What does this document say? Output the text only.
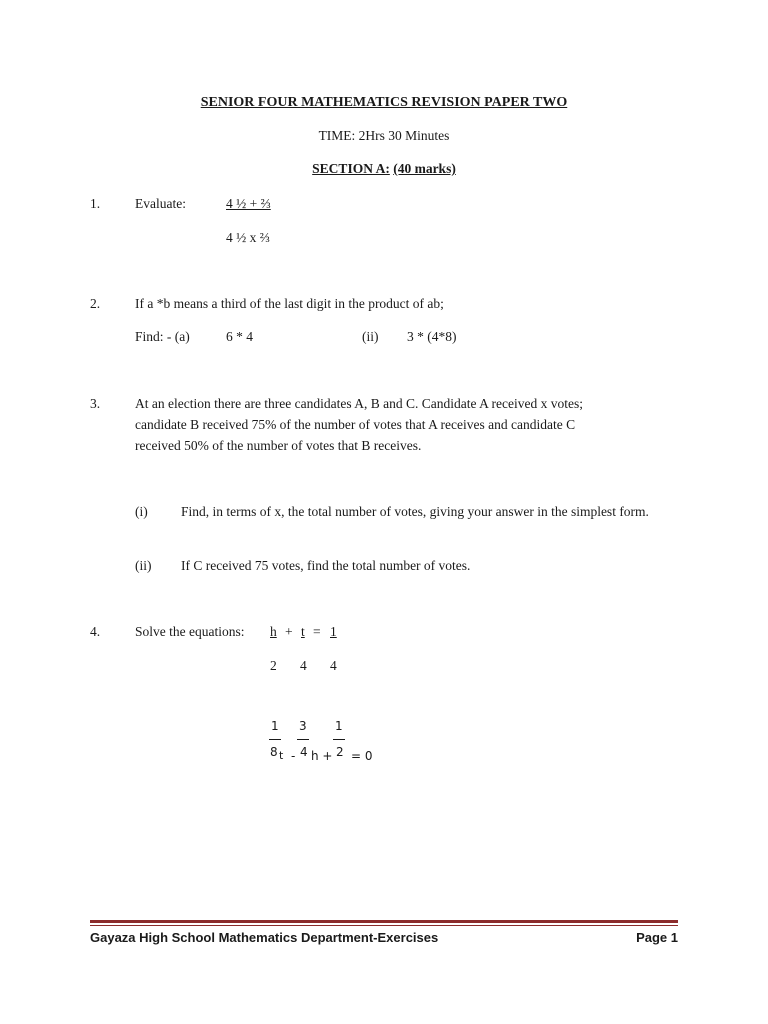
SENIOR FOUR MATHEMATICS REVISION PAPER TWO
TIME: 2Hrs 30 Minutes
SECTION A: (40 marks)
1.	Evaluate:	4 ½ + ⅔
4 ½ x ⅔
2.	If a *b means a third of the last digit in the product of ab;
Find: - (a)	6 * 4	(ii) 3 * (4*8)
3.	At an election there are three candidates A, B and C. Candidate A received x votes;
candidate B received 75% of the number of votes that A receives and candidate C
received 50% of the number of votes that B receives.
(i) Find, in terms of x, the total number of votes, giving your answer in the simplest form.
(ii) If C received 75 votes, find the total number of votes.
4.	Solve the equations: h + t = 1
2 4 4
1 3 1
8 t - 4 h + 2 = 0
Gayaza High School Mathematics Department-Exercises	Page 1
